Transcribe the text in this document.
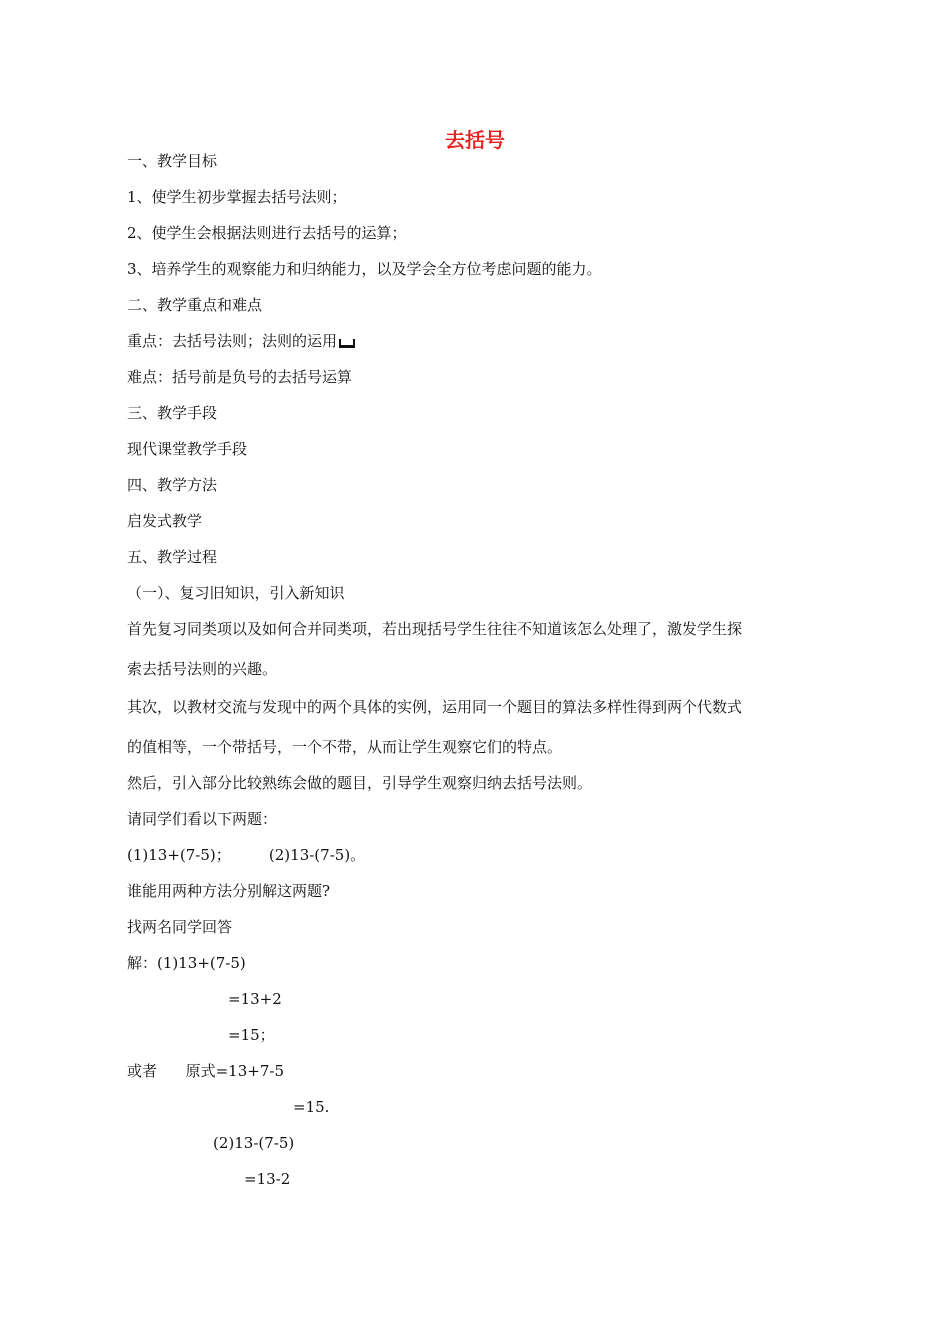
去括号
一、教学目标
1、使学生初步掌握去括号法则；
2、使学生会根据法则进行去括号的运算；
3、培养学生的观察能力和归纳能力，以及学会全方位考虑问题的能力。
二、教学重点和难点
重点：去括号法则；法则的运用
难点：括号前是负号的去括号运算
三、教学手段
现代课堂教学手段
四、教学方法
启发式教学
五、教学过程
（一）、复习旧知识，引入新知识
首先复习同类项以及如何合并同类项，若出现括号学生往往不知道该怎么处理了，激发学生探
索去括号法则的兴趣。
其次，以教材交流与发现中的两个具体的实例，运用同一个题目的算法多样性得到两个代数式
的值相等，一个带括号，一个不带，从而让学生观察它们的特点。
然后，引入部分比较熟练会做的题目，引导学生观察归纳去括号法则。
请同学们看以下两题：
(1)13+(7-5)；        (2)13-(7-5)。
谁能用两种方法分别解这两题?
找两名同学回答
解：(1)13+(7-5)
=13+2
=15；
或者      原式=13+7-5
=15.
(2)13-(7-5)
=13-2
